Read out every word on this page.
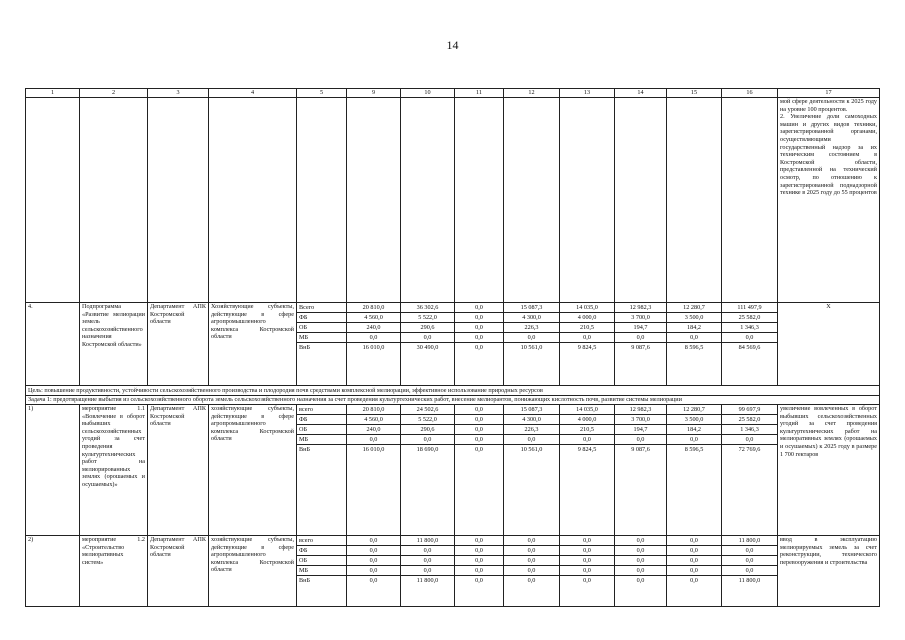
14
1	2	3	4	5	9	10	11	12	13	14	15	16	17
													мой сфере деятельности к 2025 году на уровне 100 процентов.
2. Увеличение доли самоходных машин и других видов техники, зарегистрированной органами, осуществляющими государственный надзор за их техническим состоянием в Костромской области, представленной на технический осмотр, по отношению к зарегистрированной поднадзорной технике в 2025 году до 55 процентов
4.	Подпрограмма «Развитие мелиорации земель сельскохозяйственного назначения Костромской области»	Департамент АПК Костромской области	Хозяйствующие субъекты, действующие в сфере агропромышленного комплекса Костромской области	Всего	20 810,0	36 302,6	0,0	15 087,3	14 035,0	12 982,3	12 280,7	111 497,9	X
				ФБ	4 560,0	5 522,0	0,0	4 300,0	4 000,0	3 700,0	3 500,0	25 582,0	
				ОБ	240,0	290,6	0,0	226,3	210,5	194,7	184,2	1 346,3	
				МБ	0,0	0,0	0,0	0,0	0,0	0,0	0,0	0,0	
				ВнБ	16 010,0	30 490,0	0,0	10 561,0	9 824,5	9 087,6	8 596,5	84 569,6	
Цель: повышение продуктивности, устойчивости сельскохозяйственного производства и плодородия почв средствами комплексной мелиорации, эффективное использование природных ресурсов													
Задача 1: предотвращение выбытия из сельскохозяйственного оборота земель сельскохозяйственного назначения за счет проведения культуртехнических работ, внесение мелиорантов, понижающих кислотность почв, развитие системы мелиорации													
1)	мероприятие 1.1 «Вовлечение в оборот выбывших сельскохозяйственных угодий за счет проведения культуртехнических работ на мелиорированных землях (орошаемых и осушаемых)»	Департамент АПК Костромской области	хозяйствующие субъекты, действующие в сфере агропромышленного комплекса Костромской области	всего	20 810,0	24 502,6	0,0	15 087,3	14 035,0	12 982,3	12 280,7	99 697,9	увеличение вовлеченных в оборот выбывших сельскохозяйственных угодий за счет проведения культуртехнических работ на мелиоративных землях (орошаемых и осушаемых) к 2025 году в размере 1 700 гектаров
				ФБ	4 560,0	5 522,0	0,0	4 300,0	4 000,0	3 700,0	3 500,0	25 582,0	
				ОБ	240,0	290,6	0,0	226,3	210,5	194,7	184,2	1 346,3	
				МБ	0,0	0,0	0,0	0,0	0,0	0,0	0,0	0,0	
				ВнБ	16 010,0	18 690,0	0,0	10 561,0	9 824,5	9 087,6	8 596,5	72 769,6	
2)	мероприятие 1.2 «Строительство мелиоративных систем»	Департамент АПК Костромской области	хозяйствующие субъекты, действующие в сфере агропромышленного комплекса Костромской области	всего	0,0	11 800,0	0,0	0,0	0,0	0,0	0,0	11 800,0	ввод в эксплуатацию мелиорируемых земель за счет реконструкции, технического перевооружения и строительства
				ФБ	0,0	0,0	0,0	0,0	0,0	0,0	0,0	0,0	
				ОБ	0,0	0,0	0,0	0,0	0,0	0,0	0,0	0,0	
				МБ	0,0	0,0	0,0	0,0	0,0	0,0	0,0	0,0	
				ВнБ	0,0	11 800,0	0,0	0,0	0,0	0,0	0,0	11 800,0	
